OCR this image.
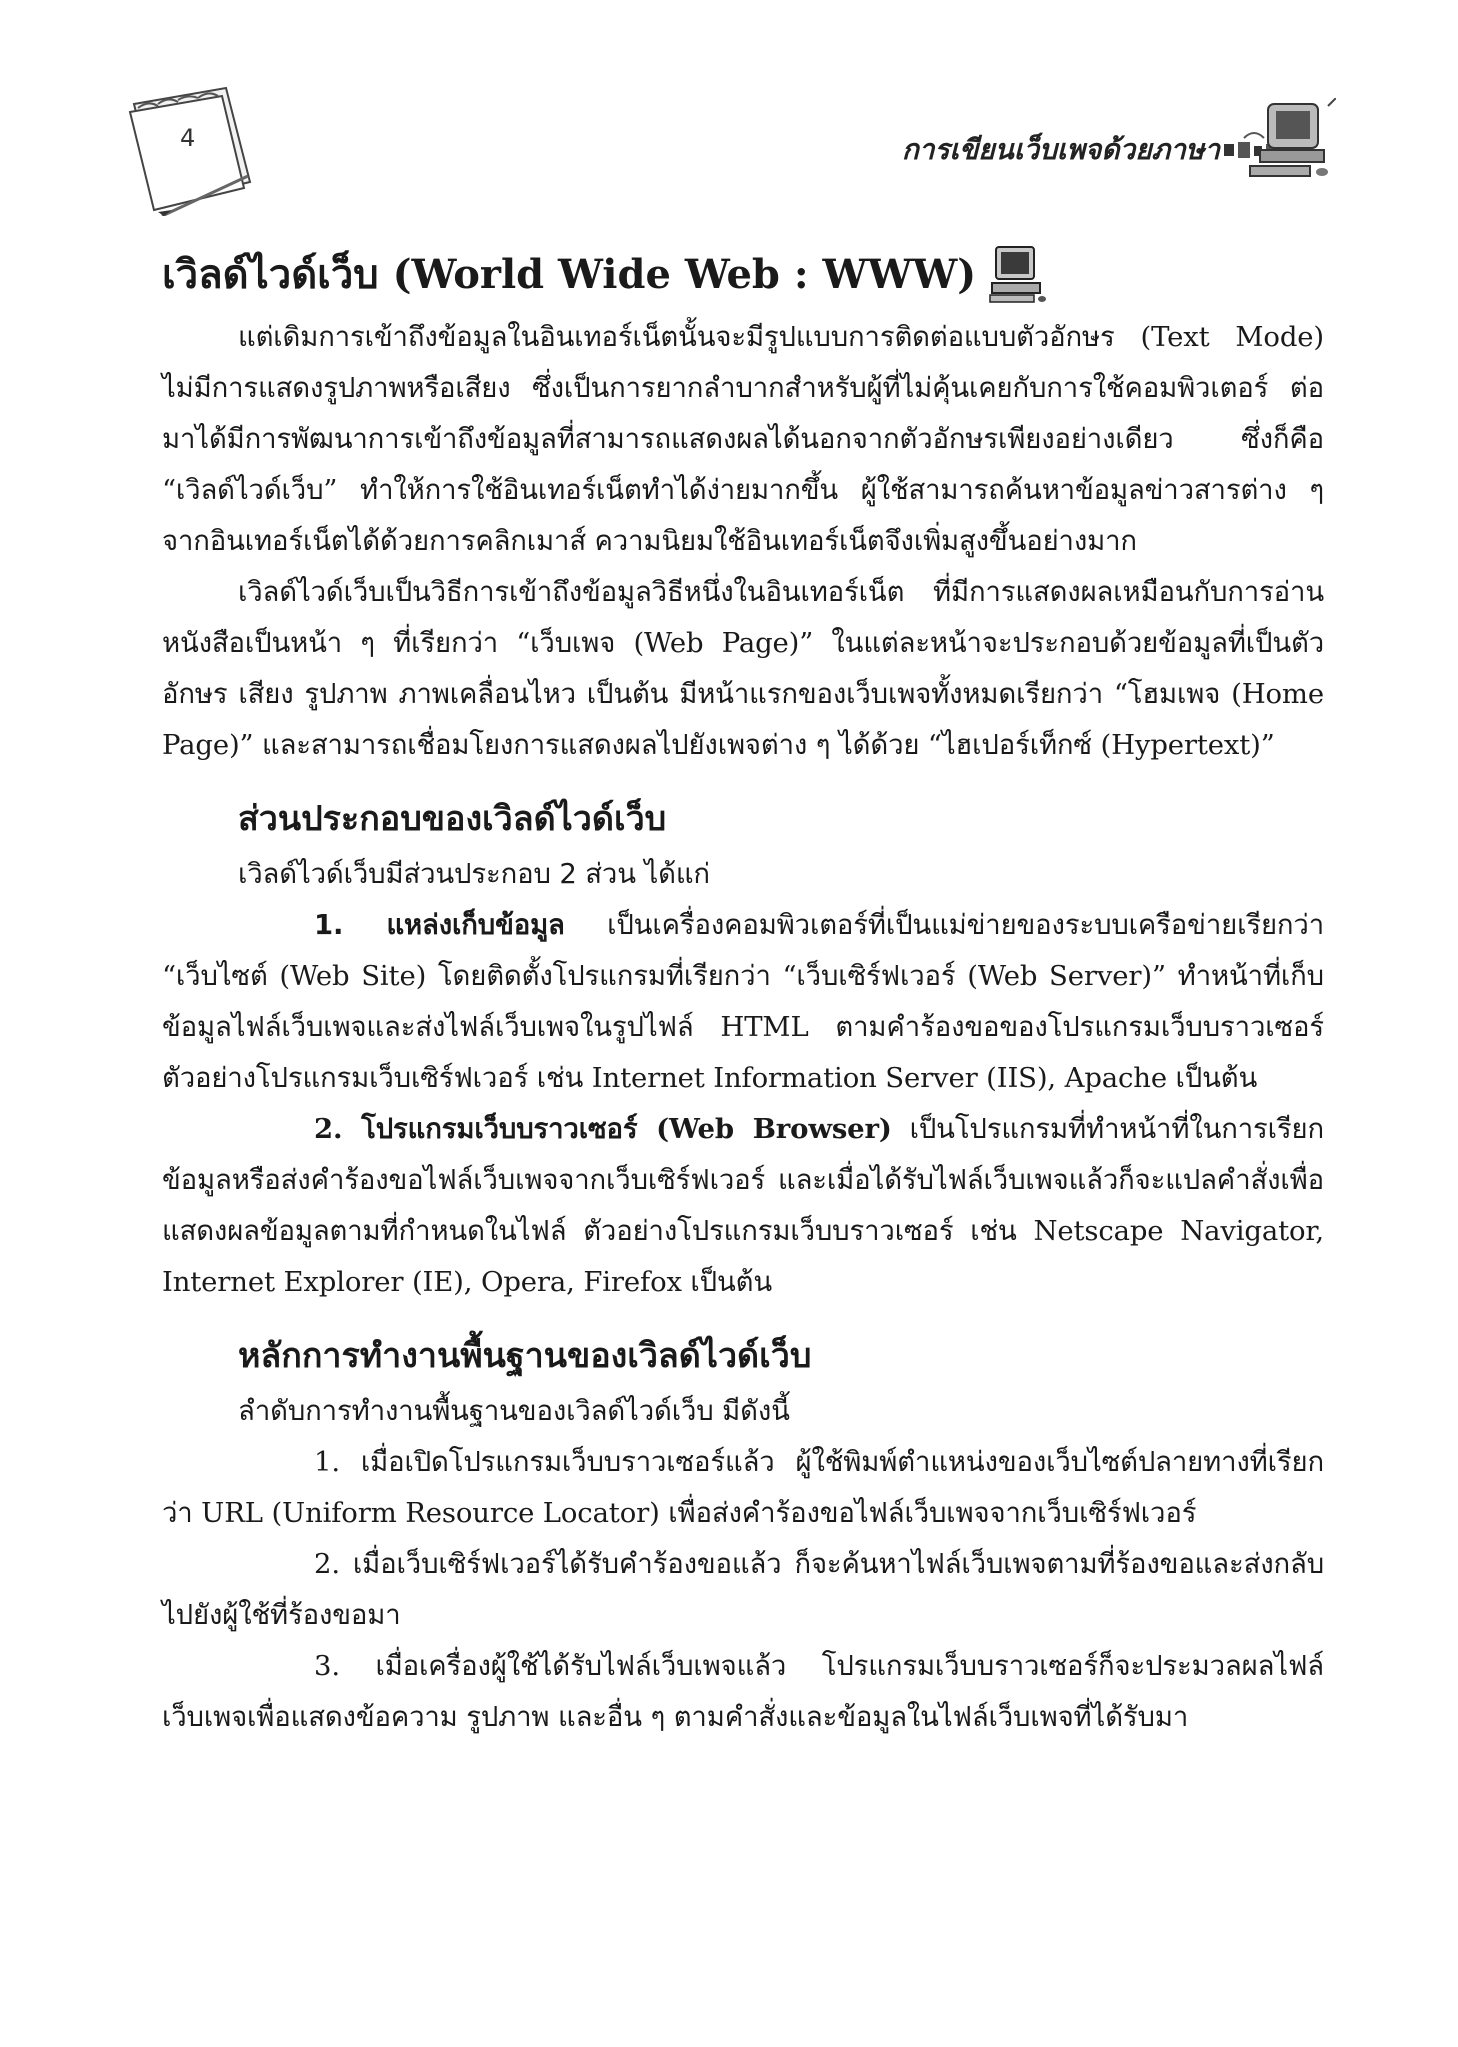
4	การเขียนเว็บเพจด้วยภาษา
เวิลด์ไวด์เว็บ (World Wide Web : WWW)

แต่เดิมการเข้าถึงข้อมูลในอินเทอร์เน็ตนั้นจะมีรูปแบบการติดต่อแบบตัวอักษร (Text Mode) ไม่มีการแสดงรูปภาพหรือเสียง ซึ่งเป็นการยากลำบากสำหรับผู้ที่ไม่คุ้นเคยกับการใช้คอมพิวเตอร์ ต่อมาได้มีการพัฒนาการเข้าถึงข้อมูลที่สามารถแสดงผลได้นอกจากตัวอักษรเพียงอย่างเดียว ซึ่งก็คือ “เวิลด์ไวด์เว็บ” ทำให้การใช้อินเทอร์เน็ตทำได้ง่ายมากขึ้น ผู้ใช้สามารถค้นหาข้อมูลข่าวสารต่าง ๆ จากอินเทอร์เน็ตได้ด้วยการคลิกเมาส์ ความนิยมใช้อินเทอร์เน็ตจึงเพิ่มสูงขึ้นอย่างมาก

เวิลด์ไวด์เว็บเป็นวิธีการเข้าถึงข้อมูลวิธีหนึ่งในอินเทอร์เน็ต ที่มีการแสดงผลเหมือนกับการอ่านหนังสือเป็นหน้า ๆ ที่เรียกว่า “เว็บเพจ (Web Page)” ในแต่ละหน้าจะประกอบด้วยข้อมูลที่เป็นตัวอักษร เสียง รูปภาพ ภาพเคลื่อนไหว เป็นต้น มีหน้าแรกของเว็บเพจทั้งหมดเรียกว่า “โฮมเพจ (Home Page)” และสามารถเชื่อมโยงการแสดงผลไปยังเพจต่าง ๆ ได้ด้วย “ไฮเปอร์เท็กซ์ (Hypertext)”

ส่วนประกอบของเวิลด์ไวด์เว็บ

เวิลด์ไวด์เว็บมีส่วนประกอบ 2 ส่วน ได้แก่

1. แหล่งเก็บข้อมูล เป็นเครื่องคอมพิวเตอร์ที่เป็นแม่ข่ายของระบบเครือข่ายเรียกว่า “เว็บไซต์ (Web Site) โดยติดตั้งโปรแกรมที่เรียกว่า “เว็บเซิร์ฟเวอร์ (Web Server)” ทำหน้าที่เก็บข้อมูลไฟล์เว็บเพจและส่งไฟล์เว็บเพจในรูปไฟล์ HTML ตามคำร้องขอของโปรแกรมเว็บบราวเซอร์ ตัวอย่างโปรแกรมเว็บเซิร์ฟเวอร์ เช่น Internet Information Server (IIS), Apache เป็นต้น

2. โปรแกรมเว็บบราวเซอร์ (Web Browser) เป็นโปรแกรมที่ทำหน้าที่ในการเรียกข้อมูลหรือส่งคำร้องขอไฟล์เว็บเพจจากเว็บเซิร์ฟเวอร์ และเมื่อได้รับไฟล์เว็บเพจแล้วก็จะแปลคำสั่งเพื่อแสดงผลข้อมูลตามที่กำหนดในไฟล์ ตัวอย่างโปรแกรมเว็บบราวเซอร์ เช่น Netscape Navigator, Internet Explorer (IE), Opera, Firefox เป็นต้น

หลักการทำงานพื้นฐานของเวิลด์ไวด์เว็บ

ลำดับการทำงานพื้นฐานของเวิลด์ไวด์เว็บ มีดังนี้

1. เมื่อเปิดโปรแกรมเว็บบราวเซอร์แล้ว ผู้ใช้พิมพ์ตำแหน่งของเว็บไซต์ปลายทางที่เรียกว่า URL (Uniform Resource Locator) เพื่อส่งคำร้องขอไฟล์เว็บเพจจากเว็บเซิร์ฟเวอร์

2. เมื่อเว็บเซิร์ฟเวอร์ได้รับคำร้องขอแล้ว ก็จะค้นหาไฟล์เว็บเพจตามที่ร้องขอและส่งกลับไปยังผู้ใช้ที่ร้องขอมา

3. เมื่อเครื่องผู้ใช้ได้รับไฟล์เว็บเพจแล้ว โปรแกรมเว็บบราวเซอร์ก็จะประมวลผลไฟล์เว็บเพจเพื่อแสดงข้อความ รูปภาพ และอื่น ๆ ตามคำสั่งและข้อมูลในไฟล์เว็บเพจที่ได้รับมา
